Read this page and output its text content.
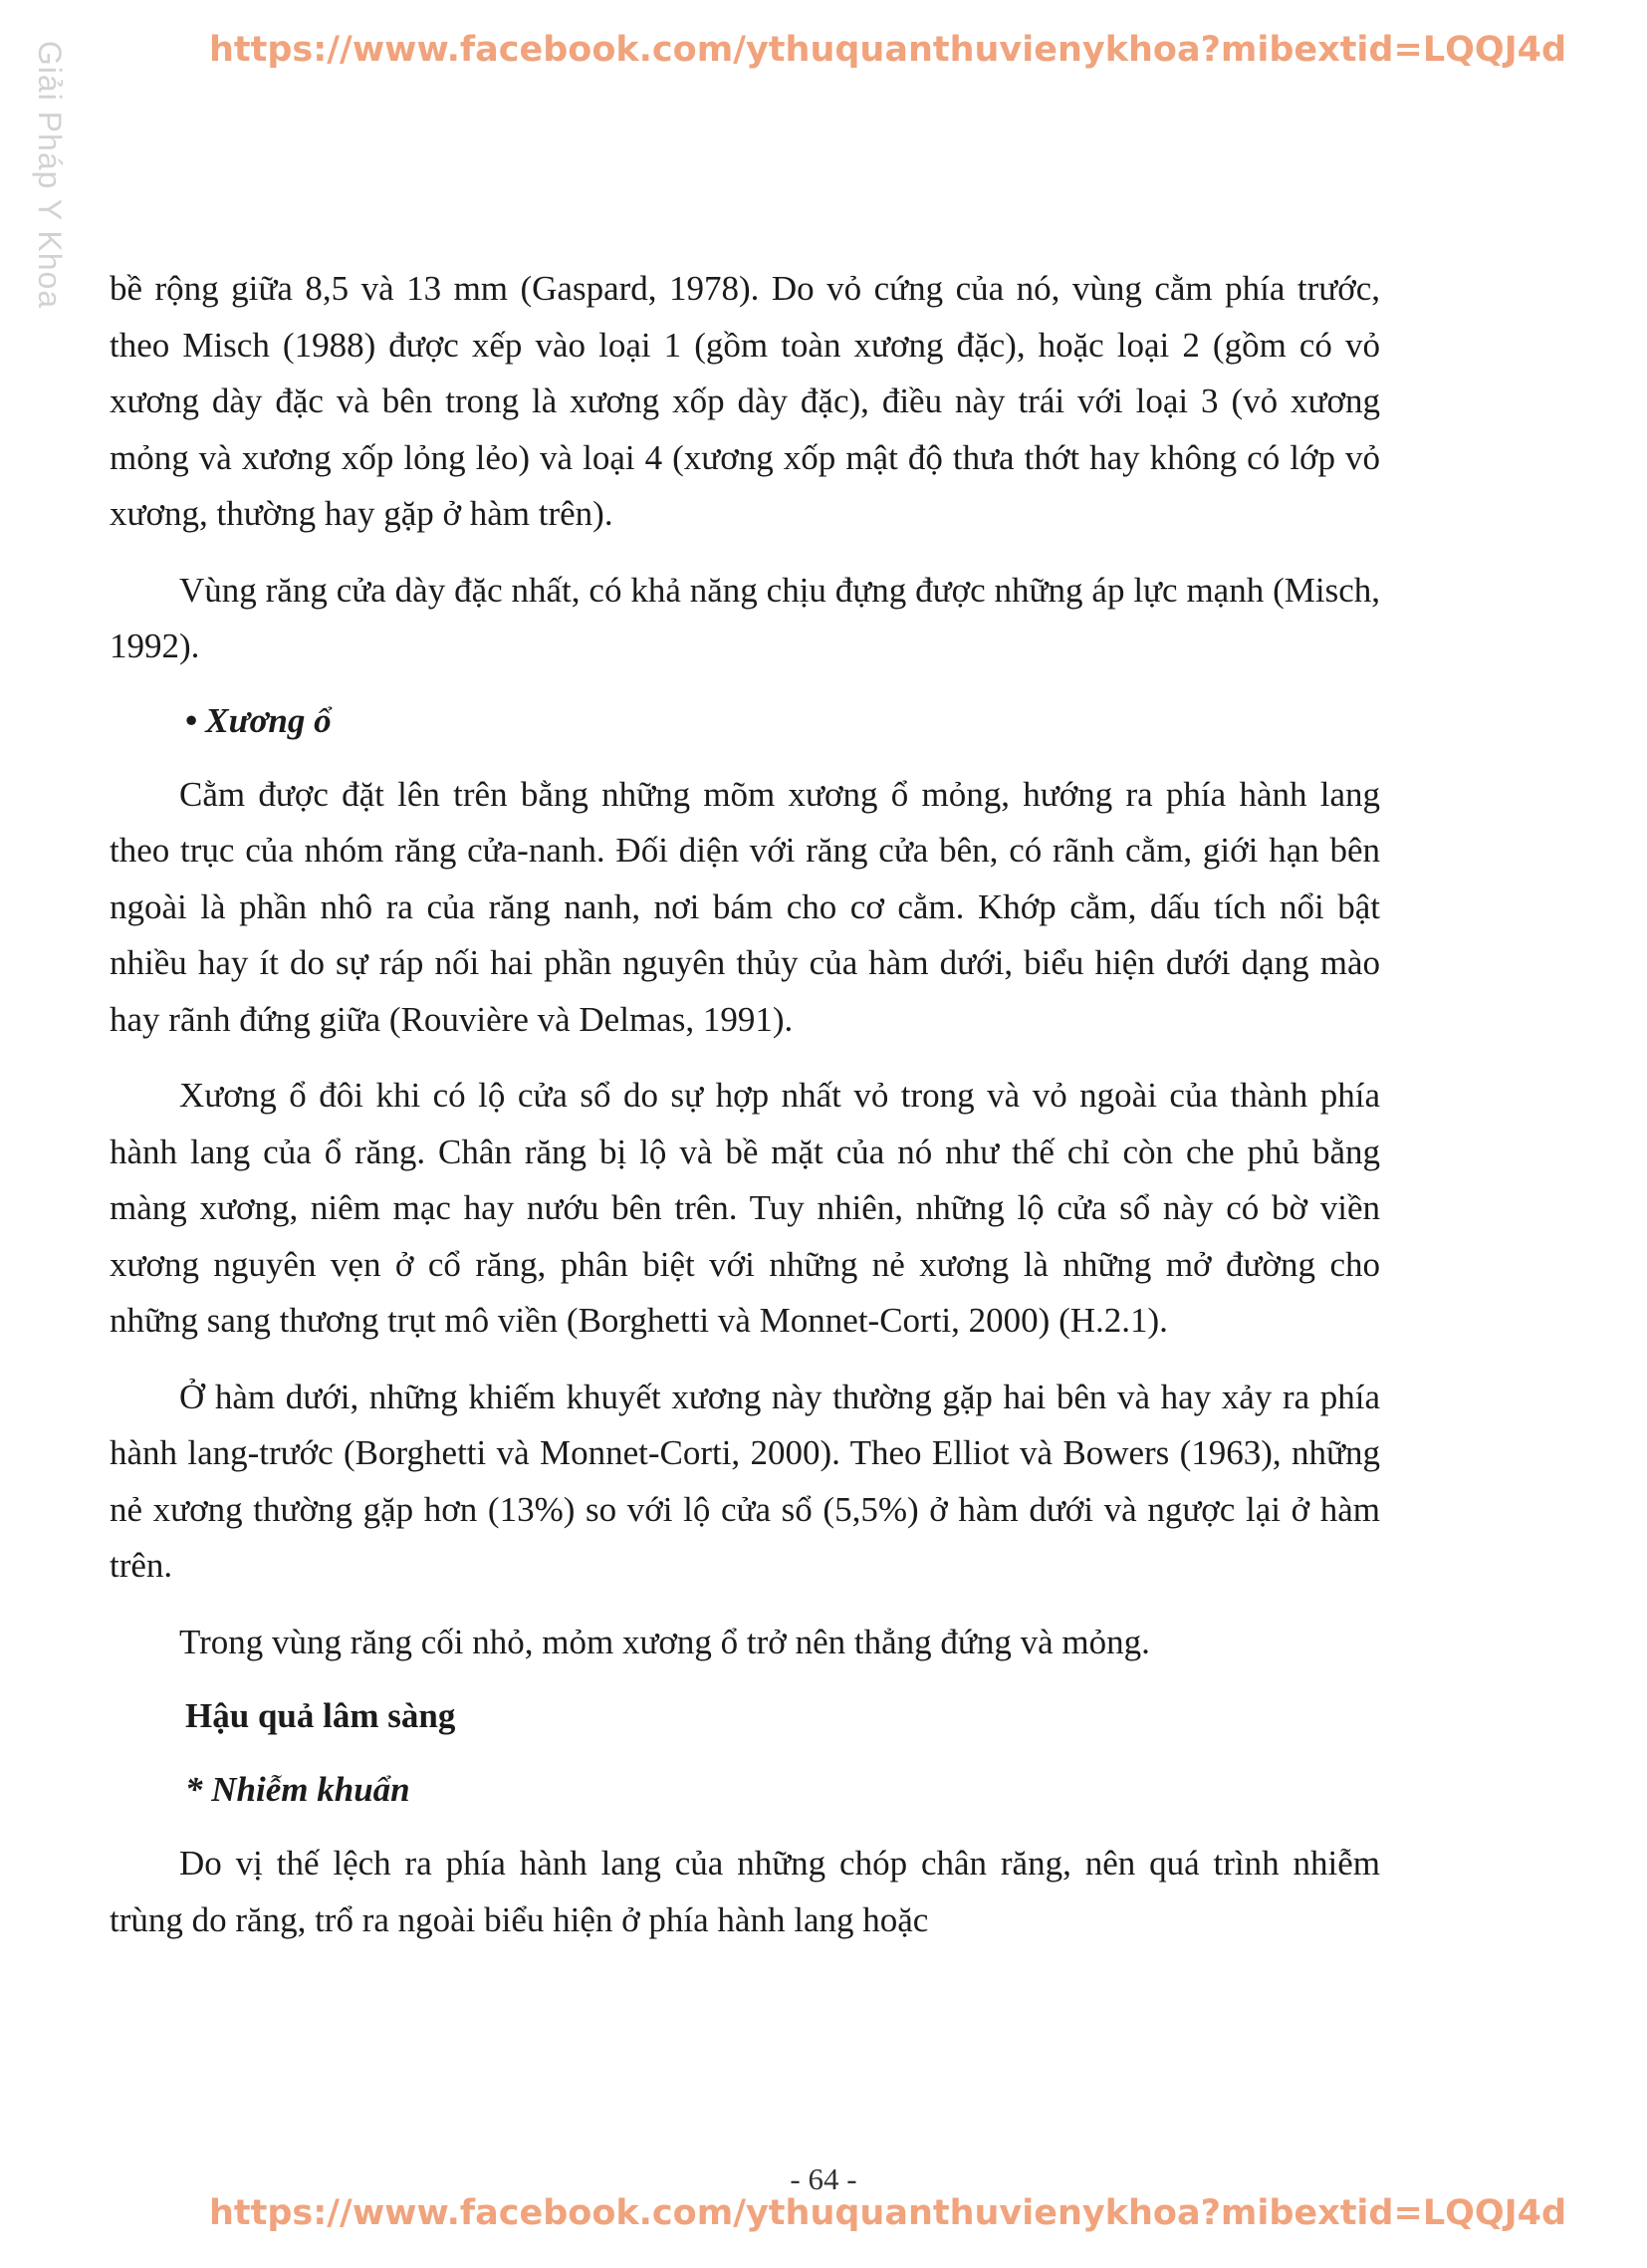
Giải Pháp Y Khoa	https://www.facebook.com/ythuquanthuvienykhoa?mibextid=LQQJ4d

bề rộng giữa 8,5 và 13 mm (Gaspard, 1978). Do vỏ cứng của nó, vùng cằm phía trước, theo Misch (1988) được xếp vào loại 1 (gồm toàn xương đặc), hoặc loại 2 (gồm có vỏ xương dày đặc và bên trong là xương xốp dày đặc), điều này trái với loại 3 (vỏ xương mỏng và xương xốp lỏng lẻo) và loại 4 (xương xốp mật độ thưa thớt hay không có lớp vỏ xương, thường hay gặp ở hàm trên).

Vùng răng cửa dày đặc nhất, có khả năng chịu đựng được những áp lực mạnh (Misch, 1992).

• Xương ổ

Cằm được đặt lên trên bằng những mõm xương ổ mỏng, hướng ra phía hành lang theo trục của nhóm răng cửa-nanh. Đối diện với răng cửa bên, có rãnh cằm, giới hạn bên ngoài là phần nhô ra của răng nanh, nơi bám cho cơ cằm. Khớp cằm, dấu tích nổi bật nhiều hay ít do sự ráp nối hai phần nguyên thủy của hàm dưới, biểu hiện dưới dạng mào hay rãnh đứng giữa (Rouvière và Delmas, 1991).

Xương ổ đôi khi có lộ cửa sổ do sự hợp nhất vỏ trong và vỏ ngoài của thành phía hành lang của ổ răng. Chân răng bị lộ và bề mặt của nó như thế chỉ còn che phủ bằng màng xương, niêm mạc hay nướu bên trên. Tuy nhiên, những lộ cửa sổ này có bờ viền xương nguyên vẹn ở cổ răng, phân biệt với những nẻ xương là những mở đường cho những sang thương trụt mô viền (Borghetti và Monnet-Corti, 2000) (H.2.1).

Ở hàm dưới, những khiếm khuyết xương này thường gặp hai bên và hay xảy ra phía hành lang-trước (Borghetti và Monnet-Corti, 2000). Theo Elliot và Bowers (1963), những nẻ xương thường gặp hơn (13%) so với lộ cửa sổ (5,5%) ở hàm dưới và ngược lại ở hàm trên.

Trong vùng răng cối nhỏ, mỏm xương ổ trở nên thẳng đứng và mỏng.

Hậu quả lâm sàng
* Nhiễm khuẩn

Do vị thế lệch ra phía hành lang của những chóp chân răng, nên quá trình nhiễm trùng do răng, trổ ra ngoài biểu hiện ở phía hành lang hoặc

- 64 -
https://www.facebook.com/ythuquanthuvienykhoa?mibextid=LQQJ4d
